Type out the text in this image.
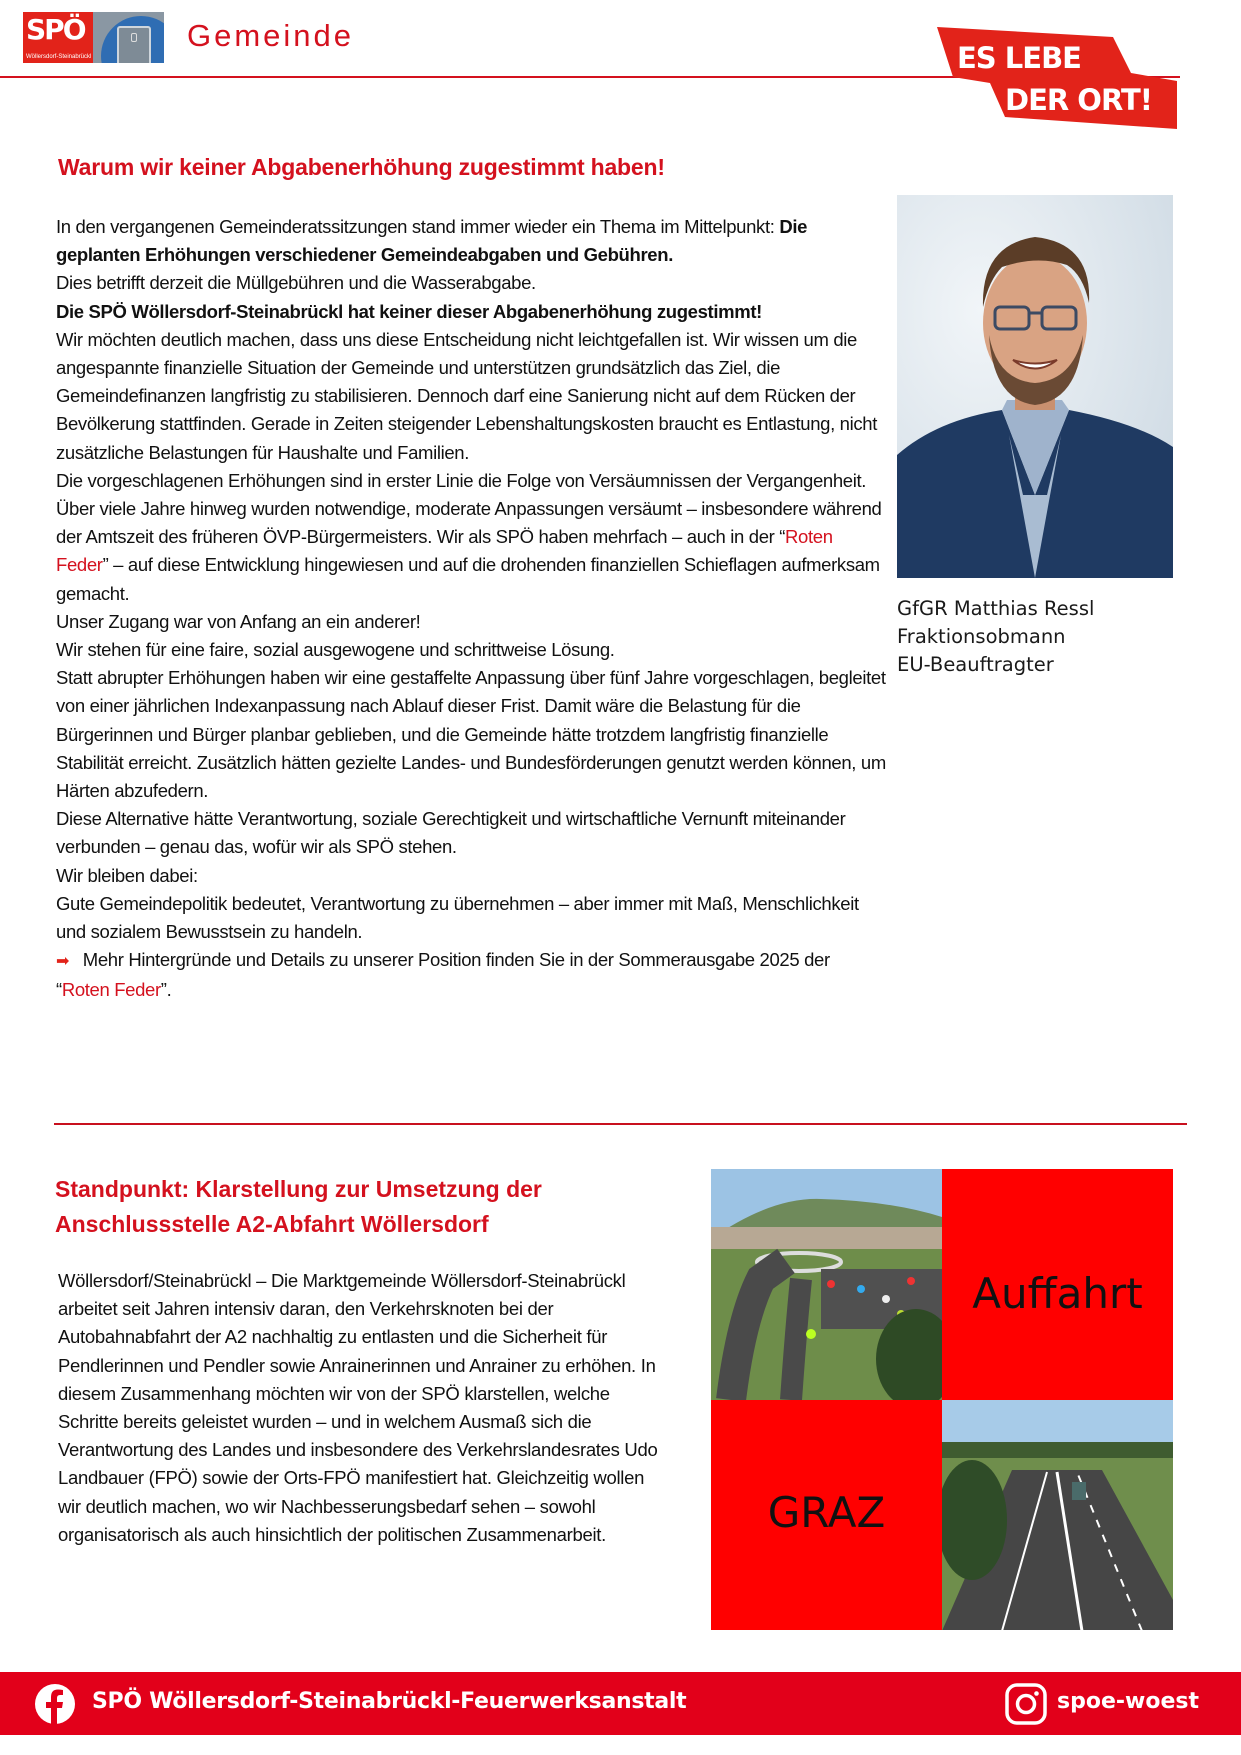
SPÖ
Wöllersdorf-Steinabrückl
Gemeinde
ES LEBE
DER ORT!
Warum wir keiner Abgabenerhöhung zugestimmt haben!

In den vergangenen Gemeinderatssitzungen stand immer wieder ein Thema im Mittelpunkt: Die geplanten Erhöhungen verschiedener Gemeindeabgaben und Gebühren.

Dies betrifft derzeit die Müllgebühren und die Wasserabgabe.

Die SPÖ Wöllersdorf-Steinabrückl hat keiner dieser Abgabenerhöhung zugestimmt!

Wir möchten deutlich machen, dass uns diese Entscheidung nicht leichtgefallen ist. Wir wissen um die angespannte finanzielle Situation der Gemeinde und unterstützen grundsätzlich das Ziel, die Gemeindefinanzen langfristig zu stabilisieren. Dennoch darf eine Sanierung nicht auf dem Rücken der Bevölkerung stattfinden. Gerade in Zeiten steigender Lebenshaltungskosten braucht es Entlastung, nicht zusätzliche Belastungen für Haushalte und Familien.

Die vorgeschlagenen Erhöhungen sind in erster Linie die Folge von Versäumnissen der Vergangenheit. Über viele Jahre hinweg wurden notwendige, moderate Anpassungen versäumt – insbesondere während der Amtszeit des früheren ÖVP-Bürgermeisters. Wir als SPÖ haben mehrfach – auch in der “Roten Feder” – auf diese Entwicklung hingewiesen und auf die drohenden finanziellen Schieflagen aufmerksam gemacht.

Unser Zugang war von Anfang an ein anderer!

Wir stehen für eine faire, sozial ausgewogene und schrittweise Lösung.

Statt abrupter Erhöhungen haben wir eine gestaffelte Anpassung über fünf Jahre vorgeschlagen, begleitet von einer jährlichen Indexanpassung nach Ablauf dieser Frist. Damit wäre die Belastung für die Bürgerinnen und Bürger planbar geblieben, und die Gemeinde hätte trotzdem langfristig finanzielle Stabilität erreicht. Zusätzlich hätten gezielte Landes- und Bundesförderungen genutzt werden können, um Härten abzufedern.

Diese Alternative hätte Verantwortung, soziale Gerechtigkeit und wirtschaftliche Vernunft miteinander verbunden – genau das, wofür wir als SPÖ stehen.

Wir bleiben dabei:

Gute Gemeindepolitik bedeutet, Verantwortung zu übernehmen – aber immer mit Maß, Menschlichkeit und sozialem Bewusstsein zu handeln.

➡ Mehr Hintergründe und Details zu unserer Position finden Sie in der Sommerausgabe 2025 der “Roten Feder”.

GfGR Matthias Ressl
Fraktionsobmann
EU-Beauftragter
Standpunkt: Klarstellung zur Umsetzung der
Anschlussstelle A2-Abfahrt Wöllersdorf
Wöllersdorf/Steinabrückl – Die Marktgemeinde Wöllersdorf-Steinabrückl arbeitet seit Jahren intensiv daran, den Verkehrsknoten bei der Autobahnabfahrt der A2 nachhaltig zu entlasten und die Sicherheit für Pendlerinnen und Pendler sowie Anrainerinnen und Anrainer zu erhöhen. In diesem Zusammenhang möchten wir von der SPÖ klarstellen, welche Schritte bereits geleistet wurden – und in welchem Ausmaß sich die Verantwortung des Landes und insbesondere des Verkehrslandesrates Udo Landbauer (FPÖ) sowie der Orts-FPÖ manifestiert hat. Gleichzeitig wollen wir deutlich machen, wo wir Nachbesserungsbedarf sehen – sowohl organisatorisch als auch hinsichtlich der politischen Zusammenarbeit.
Auffahrt
GRAZ
SPÖ Wöllersdorf-Steinabrückl-Feuerwerksanstalt	spoe-woest
